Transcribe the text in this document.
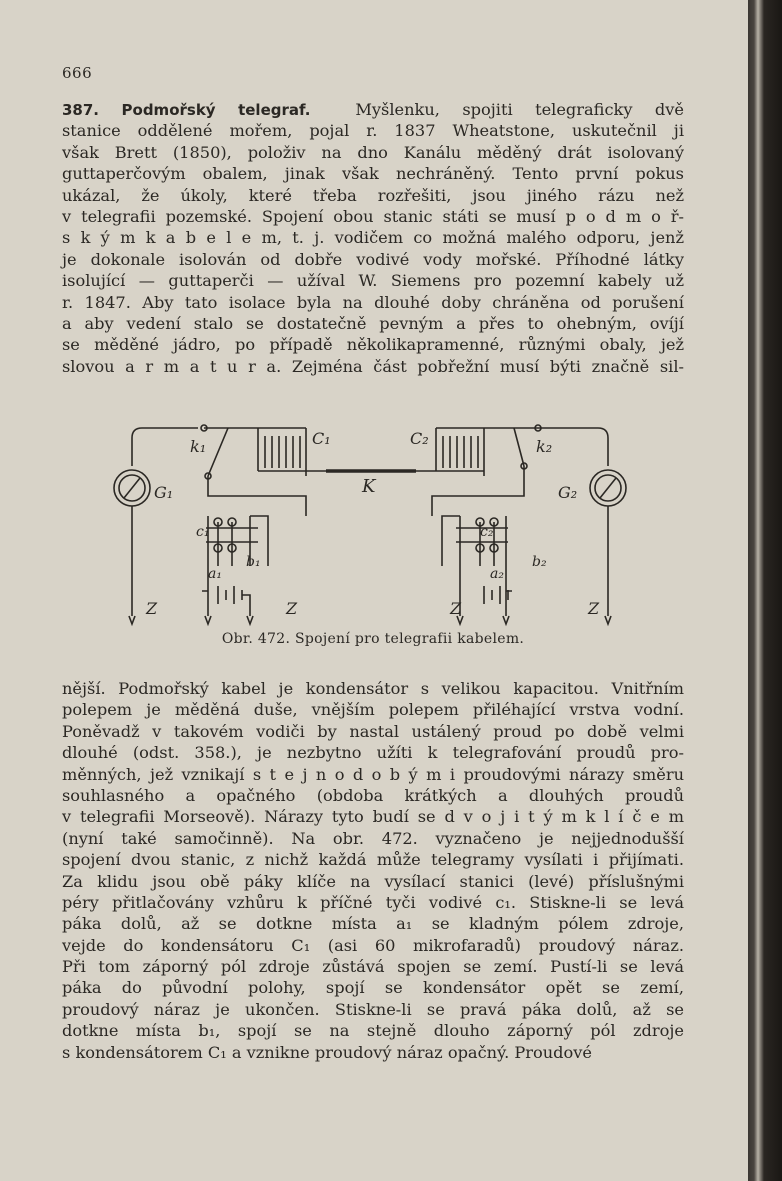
666
387. Podmořský telegraf.	Myšlenku, spojiti telegraficky dvě
stanice oddělené mořem, pojal r. 1837 Wheatstone, uskutečnil ji
však Brett (1850), položiv na dno Kanálu měděný drát isolovaný
guttaperčovým obalem, jinak však nechráněný. Tento první pokus
ukázal, že úkoly, které třeba rozřešiti, jsou jiného rázu než
v telegrafii pozemské. Spojení obou stanic státi se musí p o d m o ř-
s k ý m k a b e l e m, t. j. vodičem co možná malého odporu, jenž
je dokonale isolován od dobře vodivé vody mořské. Příhodné látky
isolující — guttaperči — užíval W. Siemens pro pozemní kabely už
r. 1847. Aby tato isolace byla na dlouhé doby chráněna od porušení
a aby vedení stalo se dostatečně pevným a přes to ohebným, ovíjí
se měděné jádro, po případě několikapramenné, různými obaly, jež
slovou a r m a t u r a. Zejména část pobřežní musí býti značně sil-
k₁	C₁	C₂	k₂
K
G₁	G₂
c₁	c₂
b₁	b₂
a₁	a₂
Z	Z	Z	Z
Obr. 472. Spojení pro telegrafii kabelem.
nější. Podmořský kabel je kondensátor s velikou kapacitou. Vnitřním
polepem je měděná duše, vnějším polepem přiléhající vrstva vodní.
Poněvadž v takovém vodiči by nastal ustálený proud po době velmi
dlouhé (odst. 358.), je nezbytno užíti k telegrafování proudů pro-
měnných, jež vznikají s t e j n o d o b ý m i proudovými nárazy směru
souhlasného a opačného (obdoba krátkých a dlouhých proudů
v telegrafii Morseově). Nárazy tyto budí se d v o j i t ý m k l í č e m
(nyní také samočinně). Na obr. 472. vyznačeno je nejjednodušší
spojení dvou stanic, z nichž každá může telegramy vysílati i přijímati.
Za klidu jsou obě páky klíče na vysílací stanici (levé) příslušnými
péry přitlačovány vzhůru k příčné tyči vodivé c₁. Stiskne-li se levá
páka dolů, až se dotkne místa a₁ se kladným pólem zdroje,
vejde do kondensátoru C₁ (asi 60 mikrofaradů) proudový náraz.
Při tom záporný pól zdroje zůstává spojen se zemí. Pustí-li se levá
páka do původní polohy, spojí se kondensátor opět se zemí,
proudový náraz je ukončen. Stiskne-li se pravá páka dolů, až se
dotkne místa b₁, spojí se na stejně dlouho záporný pól zdroje
s kondensátorem C₁ a vznikne proudový náraz opačný. Proudové
